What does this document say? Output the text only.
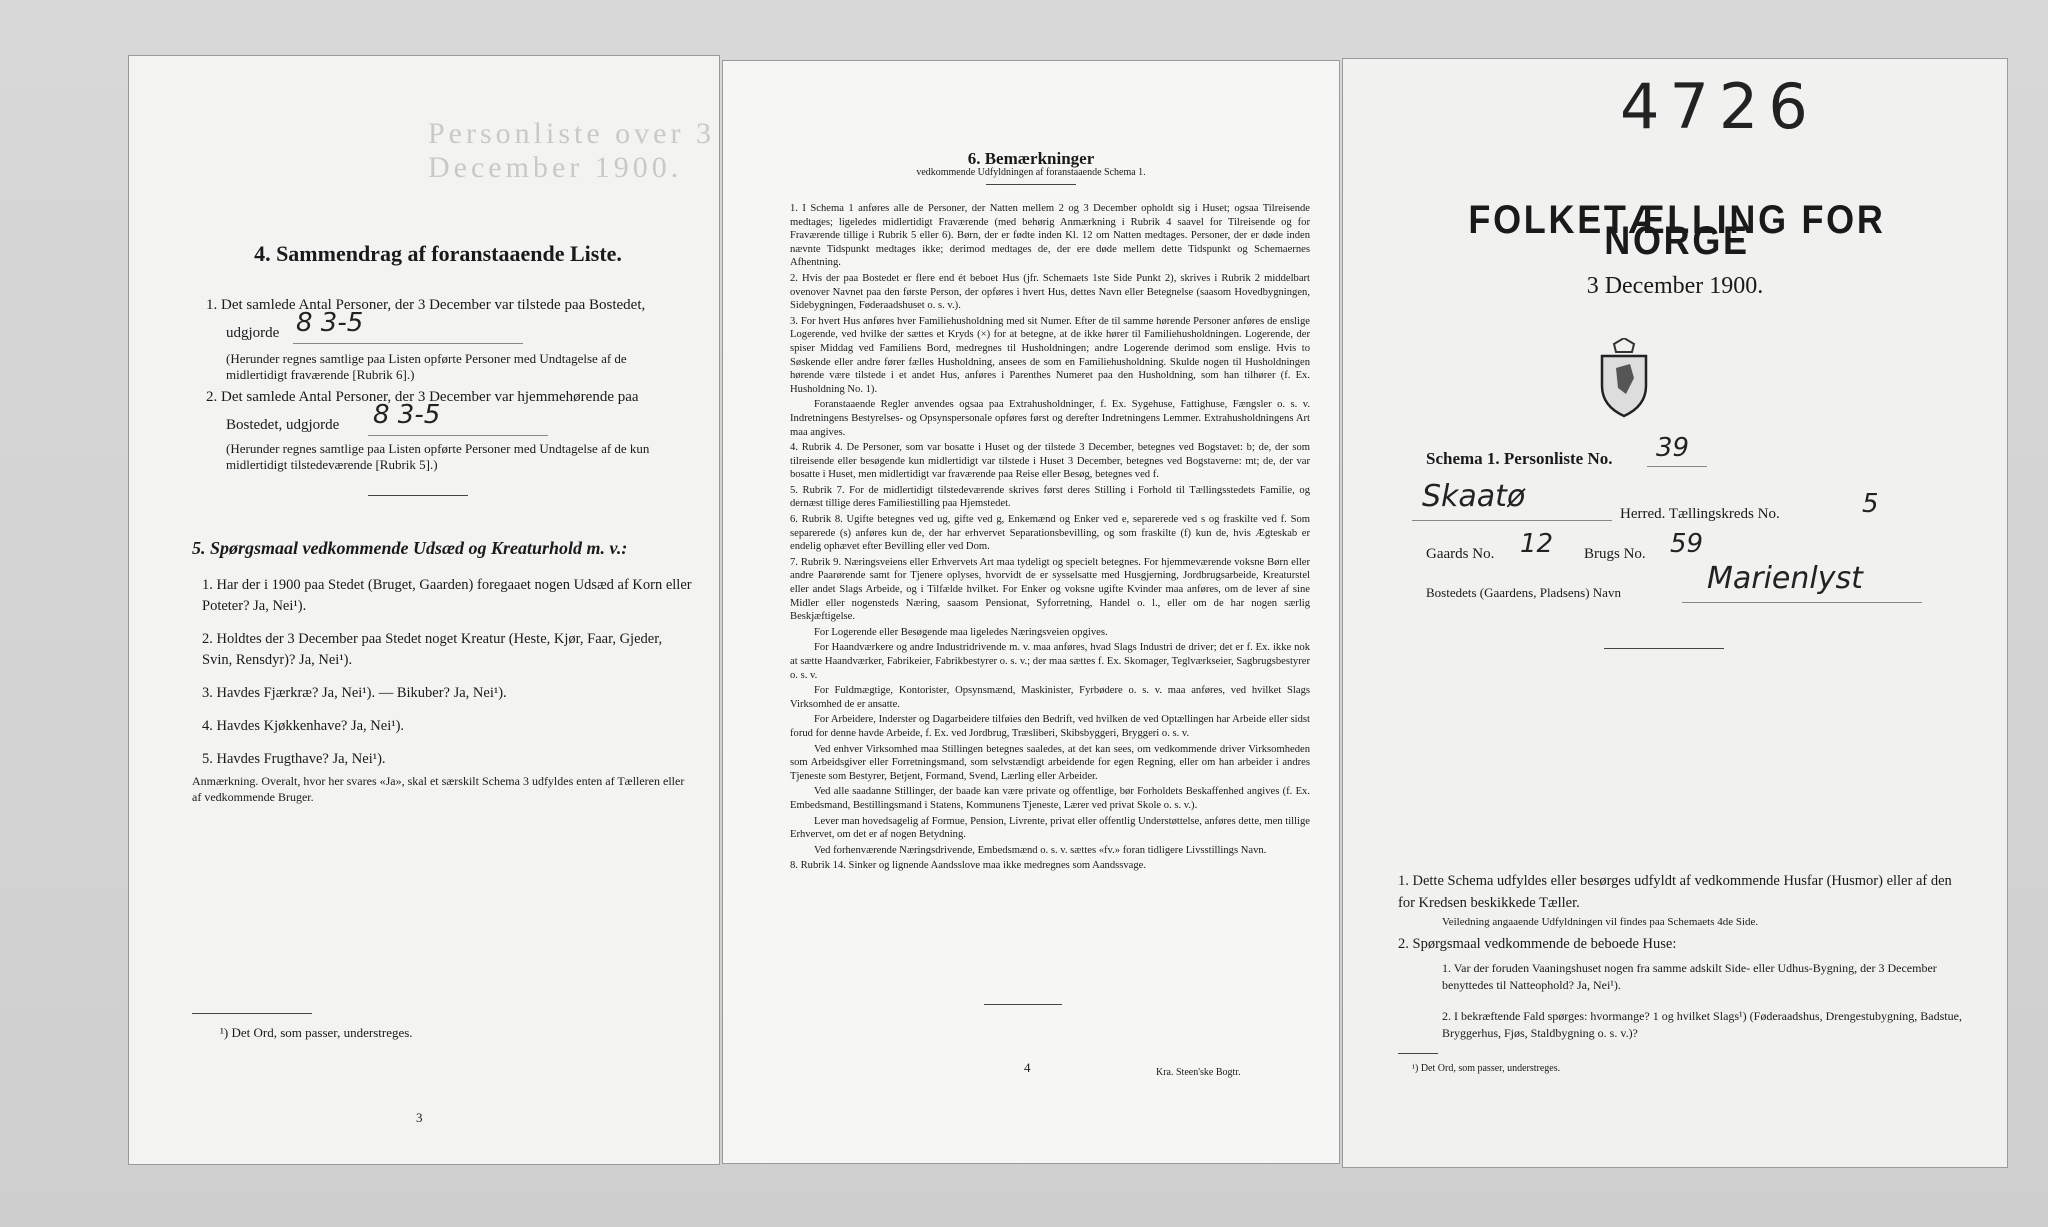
Personliste over 3 December 1900.
4. Sammendrag af foranstaaende Liste.
1. Det samlede Antal Personer, der 3 December var tilstede paa Bostedet,
udgjorde 8 3-5
(Herunder regnes samtlige paa Listen opførte Personer med Undtagelse af de midlertidigt fraværende [Rubrik 6].)
2. Det samlede Antal Personer, der 3 December var hjemmehørende paa
Bostedet, udgjorde 8 3-5
(Herunder regnes samtlige paa Listen opførte Personer med Undtagelse af de kun midlertidigt tilstedeværende [Rubrik 5].)
5. Spørgsmaal vedkommende Udsæd og Kreaturhold m. v.:
1. Har der i 1900 paa Stedet (Bruget, Gaarden) foregaaet nogen Udsæd af Korn eller Poteter? Ja, Nei¹).
2. Holdtes der 3 December paa Stedet noget Kreatur (Heste, Kjør, Faar, Gjeder, Svin, Rensdyr)? Ja, Nei¹).
3. Havdes Fjærkræ? Ja, Nei¹). — Bikuber? Ja, Nei¹).
4. Havdes Kjøkkenhave? Ja, Nei¹).
5. Havdes Frugthave? Ja, Nei¹).
Anmærkning. Overalt, hvor her svares «Ja», skal et særskilt Schema 3 udfyldes enten af Tælleren eller af vedkommende Bruger.
¹) Det Ord, som passer, understreges.
3
6. Bemærkninger
vedkommende Udfyldningen af foranstaaende Schema 1.
1. I Schema 1 anføres alle de Personer, der Natten mellem 2 og 3 December opholdt sig i Huset; ogsaa Tilreisende medtages; ligeledes midlertidigt Fraværende (med behørig Anmærkning i Rubrik 4 saavel for Tilreisende og for Fraværende tillige i Rubrik 5 eller 6). Børn, der er fødte inden Kl. 12 om Natten medtages. Personer, der er døde inden nævnte Tidspunkt medtages ikke; derimod medtages de, der ere døde mellem dette Tidspunkt og Schemaernes Afhentning.
2. Hvis der paa Bostedet er flere end ét beboet Hus (jfr. Schemaets 1ste Side Punkt 2), skrives i Rubrik 2 middelbart ovenover Navnet paa den første Person, der opføres i hvert Hus, dettes Navn eller Betegnelse (saasom Hovedbygningen, Sidebygningen, Føderaadshuset o. s. v.).
3. For hvert Hus anføres hver Familiehusholdning med sit Numer. Efter de til samme hørende Personer anføres de enslige Logerende, ved hvilke der sættes et Kryds (×) for at betegne, at de ikke hører til Familiehusholdningen. Logerende, der spiser Middag ved Familiens Bord, medregnes til Husholdningen; andre Logerende derimod som enslige. Hvis to Søskende eller andre fører fælles Husholdning, ansees de som en Familiehusholdning. Skulde nogen til Husholdningen hørende være tilstede i et andet Hus, anføres i Parenthes Numeret paa den Husholdning, som han tilhører (f. Ex. Husholdning No. 1).
Foranstaaende Regler anvendes ogsaa paa Extrahusholdninger, f. Ex. Sygehuse, Fattighuse, Fængsler o. s. v. Indretningens Bestyrelses- og Opsynspersonale opføres først og derefter Indretningens Lemmer. Extrahusholdningens Art maa angives.
4. Rubrik 4. De Personer, som var bosatte i Huset og der tilstede 3 December, betegnes ved Bogstavet: b; de, der som tilreisende eller besøgende kun midlertidigt var tilstede i Huset 3 December, betegnes ved Bogstaverne: mt; de, der var bosatte i Huset, men midlertidigt var fraværende paa Reise eller Besøg, betegnes ved f.
5. Rubrik 7. For de midlertidigt tilstedeværende skrives først deres Stilling i Forhold til Tællingsstedets Familie, og dernæst tillige deres Familiestilling paa Hjemstedet.
6. Rubrik 8. Ugifte betegnes ved ug, gifte ved g, Enkemænd og Enker ved e, separerede ved s og fraskilte ved f. Som separerede (s) anføres kun de, der har erhvervet Separationsbevilling, og som fraskilte (f) kun de, hvis Ægteskab er endelig ophævet efter Bevilling eller ved Dom.
7. Rubrik 9. Næringsveiens eller Erhvervets Art maa tydeligt og specielt betegnes. For hjemmeværende voksne Børn eller andre Paarørende samt for Tjenere oplyses, hvorvidt de er sysselsatte med Husgjerning, Jordbrugsarbeide, Kreaturstel eller andet Slags Arbeide, og i Tilfælde hvilket. For Enker og voksne ugifte Kvinder maa anføres, om de lever af sine Midler eller nogensteds Næring, saasom Pensionat, Syforretning, Handel o. l., eller om de har nogen særlig Beskjæftigelse.
For Logerende eller Besøgende maa ligeledes Næringsveien opgives.
For Haandværkere og andre Industridrivende m. v. maa anføres, hvad Slags Industri de driver; det er f. Ex. ikke nok at sætte Haandværker, Fabrikeier, Fabrikbestyrer o. s. v.; der maa sættes f. Ex. Skomager, Teglværkseier, Sagbrugsbestyrer o. s. v.
For Fuldmægtige, Kontorister, Opsynsmænd, Maskinister, Fyrbødere o. s. v. maa anføres, ved hvilket Slags Virksomhed de er ansatte.
For Arbeidere, Inderster og Dagarbeidere tilføies den Bedrift, ved hvilken de ved Optællingen har Arbeide eller sidst forud for denne havde Arbeide, f. Ex. ved Jordbrug, Træsliberi, Skibsbyggeri, Bryggeri o. s. v.
Ved enhver Virksomhed maa Stillingen betegnes saaledes, at det kan sees, om vedkommende driver Virksomheden som Arbeidsgiver eller Forretningsmand, som selvstændigt arbeidende for egen Regning, eller om han arbeider i andres Tjeneste som Bestyrer, Betjent, Formand, Svend, Lærling eller Arbeider.
Ved alle saadanne Stillinger, der baade kan være private og offentlige, bør Forholdets Beskaffenhed angives (f. Ex. Embedsmand, Bestillingsmand i Statens, Kommunens Tjeneste, Lærer ved privat Skole o. s. v.).
Lever man hovedsagelig af Formue, Pension, Livrente, privat eller offentlig Understøttelse, anføres dette, men tillige Erhvervet, om det er af nogen Betydning.
Ved forhenværende Næringsdrivende, Embedsmænd o. s. v. sættes «fv.» foran tidligere Livsstillings Navn.
8. Rubrik 14. Sinker og lignende Aandsslove maa ikke medregnes som Aandssvage.
4	Kra. Steen'ske Bogtr.
4726
FOLKETÆLLING FOR NORGE
3 December 1900.
Schema 1. Personliste No. 39
Skaatø	Herred. Tællingskreds No.	5
Gaards No. 12 Brugs No. 59
Bostedets (Gaardens, Pladsens) Navn	Marienlyst
1. Dette Schema udfyldes eller besørges udfyldt af vedkommende Husfar (Husmor) eller af den for Kredsen beskikkede Tæller.
Veiledning angaaende Udfyldningen vil findes paa Schemaets 4de Side.
2. Spørgsmaal vedkommende de beboede Huse:
1. Var der foruden Vaaningshuset nogen fra samme adskilt Side- eller Udhus-Bygning, der 3 December benyttedes til Natteophold? Ja, Nei¹).
2. I bekræftende Fald spørges: hvormange? 1 og hvilket Slags¹) (Føderaadshus, Drengestubygning, Badstue, Bryggerhus, Fjøs, Staldbygning o. s. v.)?
¹) Det Ord, som passer, understreges.
